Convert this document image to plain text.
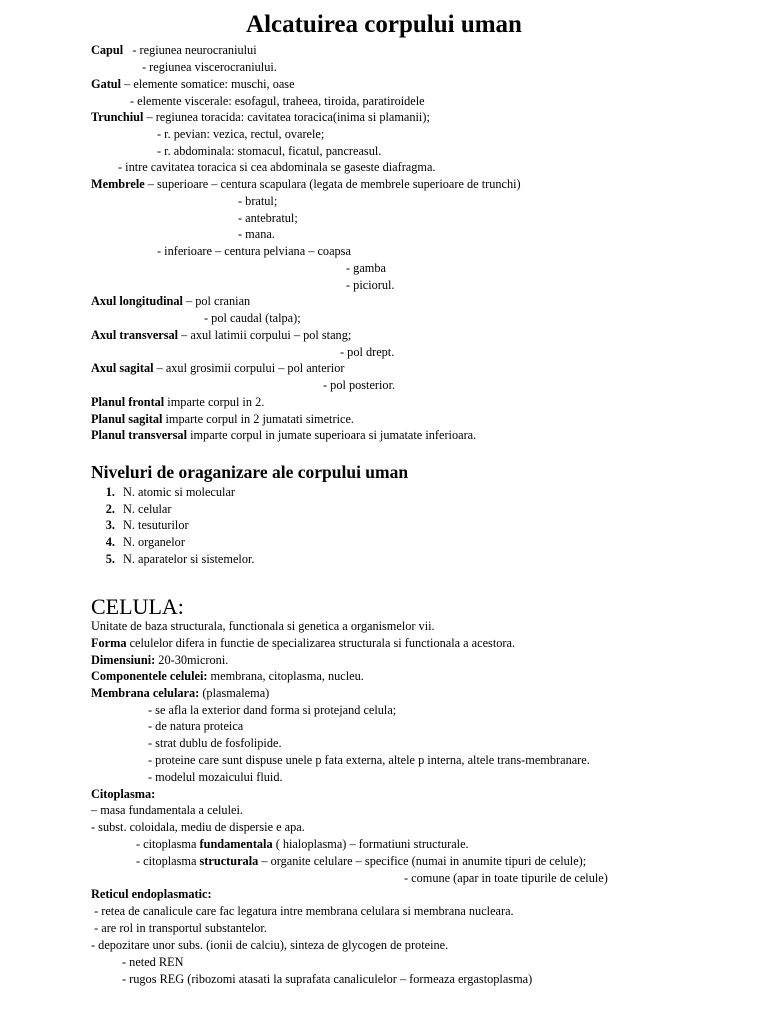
Alcatuirea corpului uman
Capul   - regiunea neurocraniului
- regiunea viscerocraniului.
Gatul – elemente somatice: muschi, oase
- elemente viscerale: esofagul, traheea, tiroida, paratiroidele
Trunchiul – regiunea toracida: cavitatea toracica(inima si plamanii);
- r. pevian: vezica, rectul, ovarele;
- r. abdominala: stomacul, ficatul, pancreasul.
- intre cavitatea toracica si cea abdominala se gaseste diafragma.
Membrele – superioare – centura scapulara (legata de membrele superioare de trunchi)
- bratul;
- antebratul;
- mana.
- inferioare – centura pelviana – coapsa
- gamba
- piciorul.
Axul longitudinal – pol cranian
- pol caudal (talpa);
Axul transversal – axul latimii corpului – pol stang;
- pol drept.
Axul sagital – axul grosimii corpului – pol anterior
- pol posterior.
Planul frontal imparte corpul in 2.
Planul sagital imparte corpul in 2 jumatati simetrice.
Planul transversal imparte corpul in jumate superioara si jumatate inferioara.
Niveluri de oraganizare ale corpului uman
1. N. atomic si molecular
2. N. celular
3. N. tesuturilor
4. N. organelor
5. N. aparatelor si sistemelor.
CELULA:
Unitate de baza structurala, functionala si genetica a organismelor vii.
Forma celulelor difera in functie de specializarea structurala si functionala a acestora.
Dimensiuni: 20-30microni.
Componentele celulei: membrana, citoplasma, nucleu.
Membrana celulara: (plasmalema)
- se afla la exterior dand forma si protejand celula;
- de natura proteica
- strat dublu de fosfolipide.
- proteine care sunt dispuse unele p fata externa, altele p interna, altele trans-membranare.
- modelul mozaicului fluid.
Citoplasma:
– masa fundamentala a celulei.
- subst. coloidala, mediu de dispersie e apa.
- citoplasma fundamentala ( hialoplasma) – formatiuni structurale.
- citoplasma structurala – organite celulare – specifice (numai in anumite tipuri de celule);
- comune (apar in toate tipurile de celule)
Reticul endoplasmatic:
- retea de canalicule care fac legatura intre membrana celulara si membrana nucleara.
- are rol in transportul substantelor.
- depozitare unor subs. (ionii de calciu), sinteza de glycogen de proteine.
- neted REN
- rugos REG (ribozomi atasati la suprafata canaliculelor – formeaza ergastoplasma)
